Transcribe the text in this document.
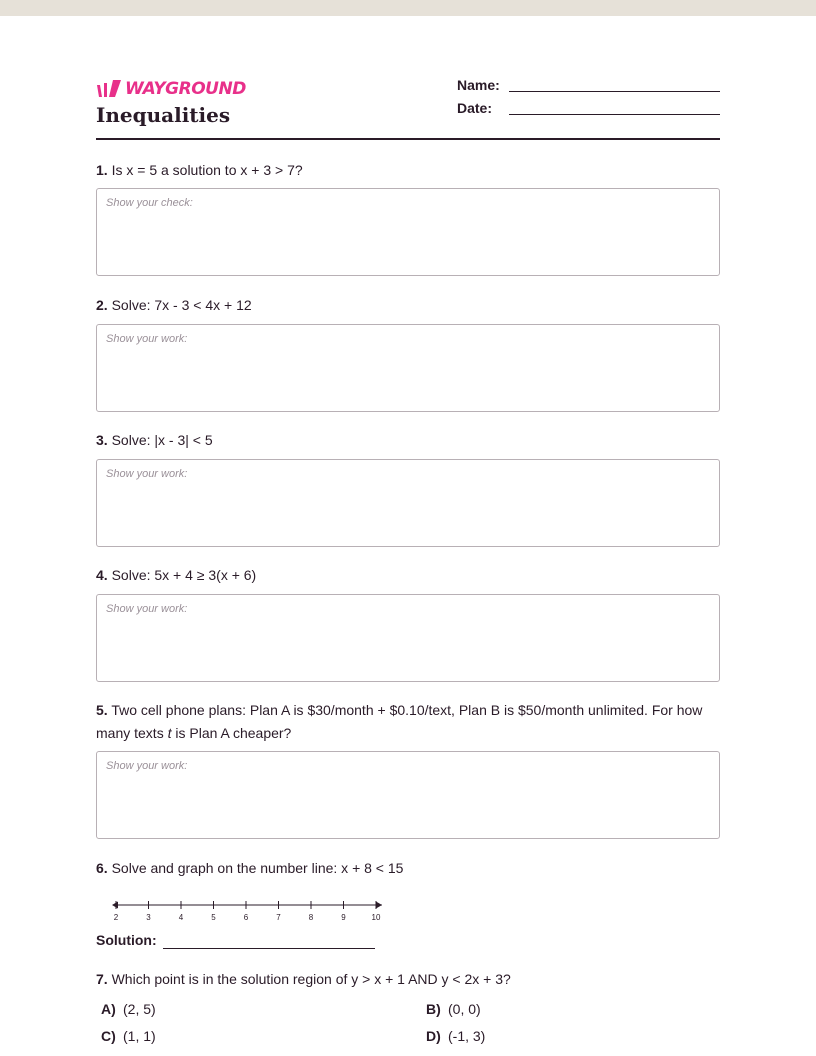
WAYGROUND
Inequalities
Name:
Date:
1. Is x = 5 a solution to x + 3 > 7?
Show your check:
2. Solve: 7x - 3 < 4x + 12
Show your work:
3. Solve: |x - 3| < 5
Show your work:
4. Solve: 5x + 4 ≥ 3(x + 6)
Show your work:
5. Two cell phone plans: Plan A is $30/month + $0.10/text, Plan B is $50/month unlimited. For how many texts t is Plan A cheaper?
Show your work:
6. Solve and graph on the number line: x + 8 < 15
2	3	4	5	6	7	8	9	10
Solution:
7. Which point is in the solution region of y > x + 1 AND y < 2x + 3?
A) (2, 5)	B) (0, 0)
C) (1, 1)	D) (-1, 3)
